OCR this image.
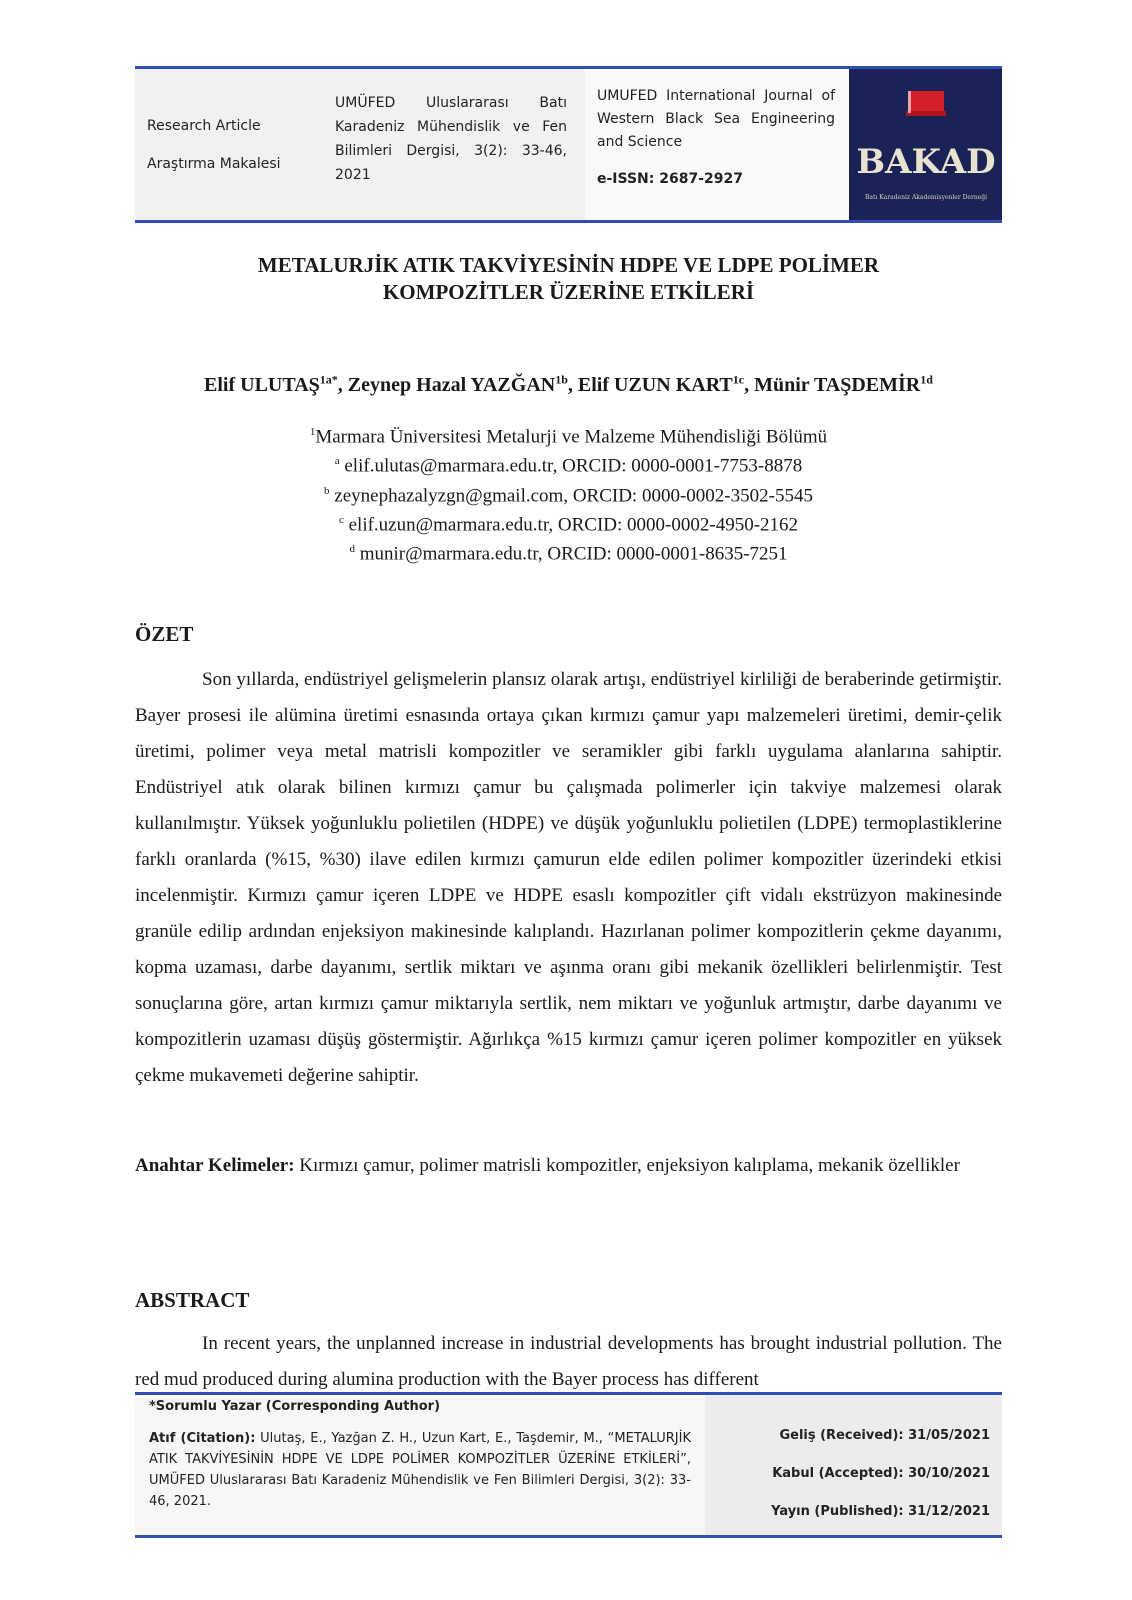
Research Article
Araştırma Makalesi
UMÜFED Uluslararası Batı Karadeniz Mühendislik ve Fen Bilimleri Dergisi, 3(2): 33-46, 2021
UMUFED International Journal of Western Black Sea Engineering and Science
e-ISSN: 2687-2927	BAKAD
Batı Karadeniz Akademisyenler Derneği
METALURJİK ATIK TAKVİYESİNİN HDPE VE LDPE POLİMER
KOMPOZİTLER ÜZERİNE ETKİLERİ
Elif $ULUTAŞ^{1a*}$, Zeynep Hazal $YAZĞAN^{1b}$, Elif UZUN $KART^{1c}$, Münir $TAŞDEMİR^{1d}$
$^1$Marmara Üniversitesi Metalurji ve Malzeme Mühendisliği Bölümü
$^a$ elif.ulutas@marmara.edu.tr, ORCID: 0000-0001-7753-8878
$^b$ zeynephazalyzgn@gmail.com, ORCID: 0000-0002-3502-5545
$^c$ elif.uzun@marmara.edu.tr, ORCID: 0000-0002-4950-2162
$^d$ munir@marmara.edu.tr, ORCID: 0000-0001-8635-7251
ÖZET
Son yıllarda, endüstriyel gelişmelerin plansız olarak artışı, endüstriyel kirliliği de beraberinde getirmiştir. Bayer prosesi ile alümina üretimi esnasında ortaya çıkan kırmızı çamur yapı malzemeleri üretimi, demir-çelik üretimi, polimer veya metal matrisli kompozitler ve seramikler gibi farklı uygulama alanlarına sahiptir. Endüstriyel atık olarak bilinen kırmızı çamur bu çalışmada polimerler için takviye malzemesi olarak kullanılmıştır. Yüksek yoğunluklu polietilen (HDPE) ve düşük yoğunluklu polietilen (LDPE) termoplastiklerine farklı oranlarda (%15, %30) ilave edilen kırmızı çamurun elde edilen polimer kompozitler üzerindeki etkisi incelenmiştir. Kırmızı çamur içeren LDPE ve HDPE esaslı kompozitler çift vidalı ekstrüzyon makinesinde granüle edilip ardından enjeksiyon makinesinde kalıplandı. Hazırlanan polimer kompozitlerin çekme dayanımı, kopma uzaması, darbe dayanımı, sertlik miktarı ve aşınma oranı gibi mekanik özellikleri belirlenmiştir. Test sonuçlarına göre, artan kırmızı çamur miktarıyla sertlik, nem miktarı ve yoğunluk artmıştır, darbe dayanımı ve kompozitlerin uzaması düşüş göstermiştir. Ağırlıkça %15 kırmızı çamur içeren polimer kompozitler en yüksek çekme mukavemeti değerine sahiptir.
Anahtar Kelimeler: Kırmızı çamur, polimer matrisli kompozitler, enjeksiyon kalıplama, mekanik özellikler
ABSTRACT
In recent years, the unplanned increase in industrial developments has brought industrial pollution. The red mud produced during alumina production with the Bayer process has different
*Sorumlu Yazar (Corresponding Author)
Atıf (Citation): Ulutaş, E., Yazğan Z. H., Uzun Kart, E., Taşdemir, M., “METALURJİK ATIK TAKVİYESİNİN HDPE VE LDPE POLİMER KOMPOZİTLER ÜZERİNE ETKİLERİ”, UMÜFED Uluslararası Batı Karadeniz Mühendislik ve Fen Bilimleri Dergisi, 3(2): 33-46, 2021.
Geliş (Received): 31/05/2021
Kabul (Accepted): 30/10/2021
Yayın (Published): 31/12/2021
